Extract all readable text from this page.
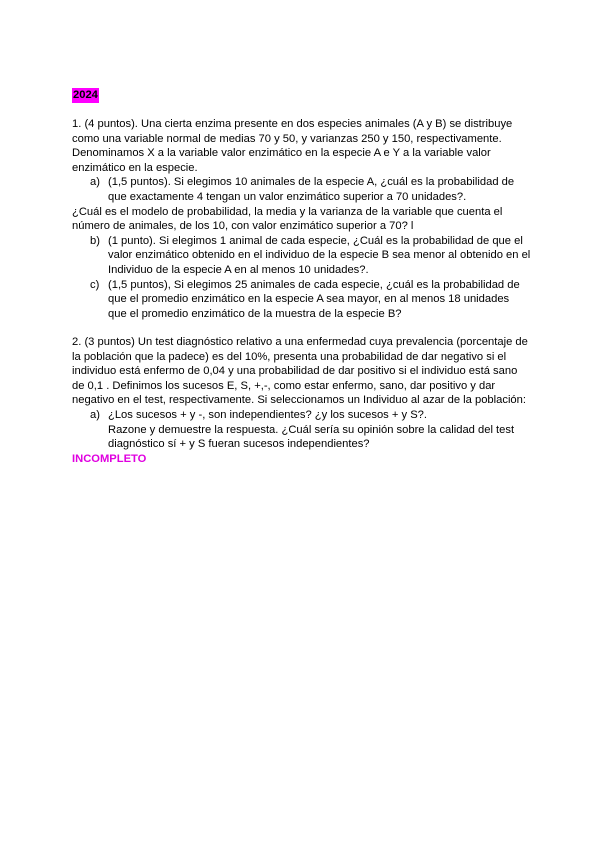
2024

1. (4 puntos). Una cierta enzima presente en dos especies animales (A y B) se distribuye

como una variable normal de medias 70 y 50, y varianzas 250 y 150, respectivamente.

Denominamos X a la variable valor enzimático en la especie A e Y a la variable valor

enzimático en la especie.

a) (1,5 puntos). Si elegimos 10 animales de la especie A, ¿cuál es la probabilidad de

que exactamente 4 tengan un valor enzimático superior a 70 unidades?.

¿Cuál es el modelo de probabilidad, la media y la varianza de la variable que cuenta el

número de animales, de los 10, con valor enzimático superior a 70? l

b) (1 punto). Si elegimos 1 animal de cada especie, ¿Cuál es la probabilidad de que el

valor enzimático obtenido en el individuo de la especie B sea menor al obtenido en el

Individuo de la especie A en al menos 10 unidades?.

c) (1,5 puntos), Si elegimos 25 animales de cada especie, ¿cuál es la probabilidad de

que el promedio enzimático en la especie A sea mayor, en al menos 18 unidades

que el promedio enzimático de la muestra de la especie B?

2. (3 puntos) Un test diagnóstico relativo a una enfermedad cuya prevalencia (porcentaje de

la población que la padece) es del 10%, presenta una probabilidad de dar negativo si el

individuo está enfermo de 0,04 y una probabilidad de dar positivo si el individuo está sano

de 0,1 . Definimos los sucesos E, S, +,-, como estar enfermo, sano, dar positivo y dar

negativo en el test, respectivamente. Si seleccionamos un Individuo al azar de la población:

a) ¿Los sucesos + y -, son independientes? ¿y los sucesos + y S?.

Razone y demuestre la respuesta. ¿Cuál sería su opinión sobre la calidad del test

diagnóstico sí + y S fueran sucesos independientes?

INCOMPLETO
